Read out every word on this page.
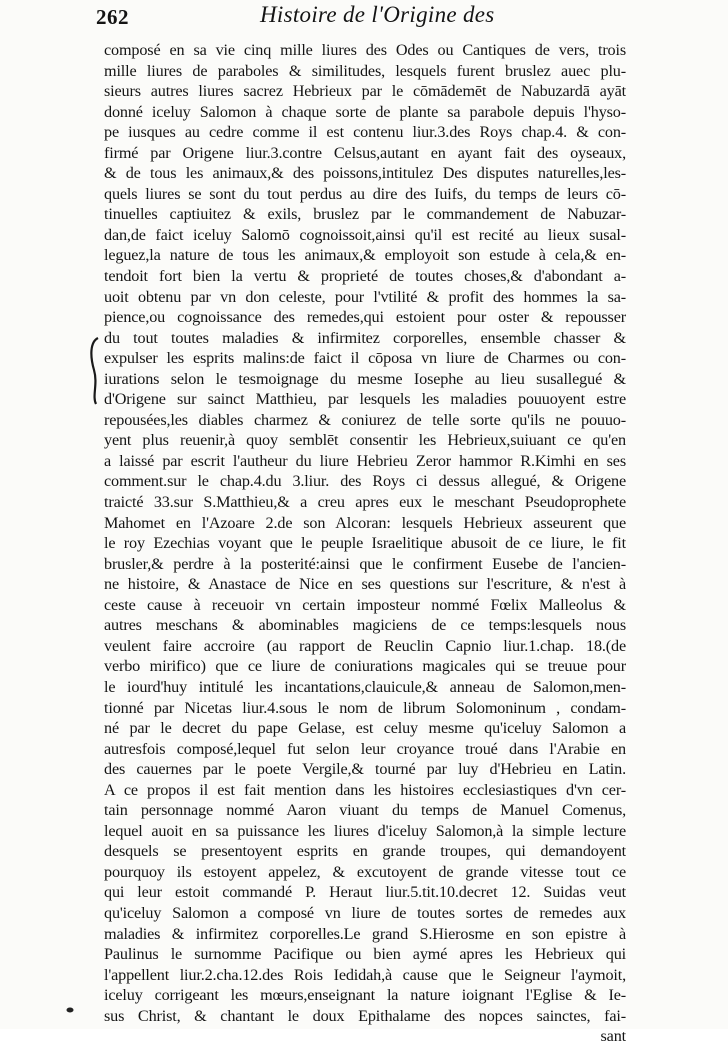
262	Histoire de l'Origine des
composé en sa vie cinq mille liures des Odes ou Cantiques de vers, trois
mille liures de paraboles & similitudes, lesquels furent bruslez auec plu-
sieurs autres liures sacrez Hebrieux par le cōmādemēt de Nabuzardā ayāt
donné iceluy Salomon à chaque sorte de plante sa parabole depuis l'hyso-
pe iusques au cedre comme il est contenu liur.3.des Roys chap.4. & con-
firmé par Origene liur.3.contre Celsus,autant en ayant fait des oyseaux,
& de tous les animaux,& des poissons,intitulez Des disputes naturelles,les-
quels liures se sont du tout perdus au dire des Iuifs, du temps de leurs cō-
tinuelles captiuitez & exils, bruslez par le commandement de Nabuzar-
dan,de faict iceluy Salomō cognoissoit,ainsi qu'il est recité au lieux susal-
leguez,la nature de tous les animaux,& employoit son estude à cela,& en-
tendoit fort bien la vertu & proprieté de toutes choses,& d'abondant a-
uoit obtenu par vn don celeste, pour l'vtilité & profit des hommes la sa-
pience,ou cognoissance des remedes,qui estoient pour oster & repousser
du tout toutes maladies & infirmitez corporelles, ensemble chasser &
expulser les esprits malins:de faict il cōposa vn liure de Charmes ou con-
iurations selon le tesmoignage du mesme Iosephe au lieu susallegué &
d'Origene sur sainct Matthieu, par lesquels les maladies pouuoyent estre
repousées,les diables charmez & coniurez de telle sorte qu'ils ne pouuo-
yent plus reuenir,à quoy semblēt consentir les Hebrieux,suiuant ce qu'en
a laissé par escrit l'autheur du liure Hebrieu Zeror hammor R.Kimhi en ses
comment.sur le chap.4.du 3.liur. des Roys ci dessus allegué, & Origene
traicté 33.sur S.Matthieu,& a creu apres eux le meschant Pseudoprophete
Mahomet en l'Azoare 2.de son Alcoran: lesquels Hebrieux asseurent que
le roy Ezechias voyant que le peuple Israelitique abusoit de ce liure, le fit
brusler,& perdre à la posterité:ainsi que le confirment Eusebe de l'ancien-
ne histoire, & Anastace de Nice en ses questions sur l'escriture, & n'est à
ceste cause à receuoir vn certain imposteur nommé Fœlix Malleolus &
autres meschans & abominables magiciens de ce temps:lesquels nous
veulent faire accroire (au rapport de Reuclin Capnio liur.1.chap. 18.(de
verbo mirifico) que ce liure de coniurations magicales qui se treuue pour
le iourd'huy intitulé les incantations,clauicule,& anneau de Salomon,men-
tionné par Nicetas liur.4.sous le nom de librum Solomoninum , condam-
né par le decret du pape Gelase, est celuy mesme qu'iceluy Salomon a
autresfois composé,lequel fut selon leur croyance troué dans l'Arabie en
des cauernes par le poete Vergile,& tourné par luy d'Hebrieu en Latin.
A ce propos il est fait mention dans les histoires ecclesiastiques d'vn cer-
tain personnage nommé Aaron viuant du temps de Manuel Comenus,
lequel auoit en sa puissance les liures d'iceluy Salomon,à la simple lecture
desquels se presentoyent esprits en grande troupes, qui demandoyent
pourquoy ils estoyent appelez, & excutoyent de grande vitesse tout ce
qui leur estoit commandé P. Heraut liur.5.tit.10.decret 12. Suidas veut
qu'iceluy Salomon a composé vn liure de toutes sortes de remedes aux
maladies & infirmitez corporelles.Le grand S.Hierosme en son epistre à
Paulinus le surnomme Pacifique ou bien aymé apres les Hebrieux qui
l'appellent liur.2.cha.12.des Rois Iedidah,à cause que le Seigneur l'aymoit,
iceluy corrigeant les mœurs,enseignant la nature ioignant l'Eglise & Ie-
sus Christ, & chantant le doux Epithalame des nopces sainctes, fai-
sant
